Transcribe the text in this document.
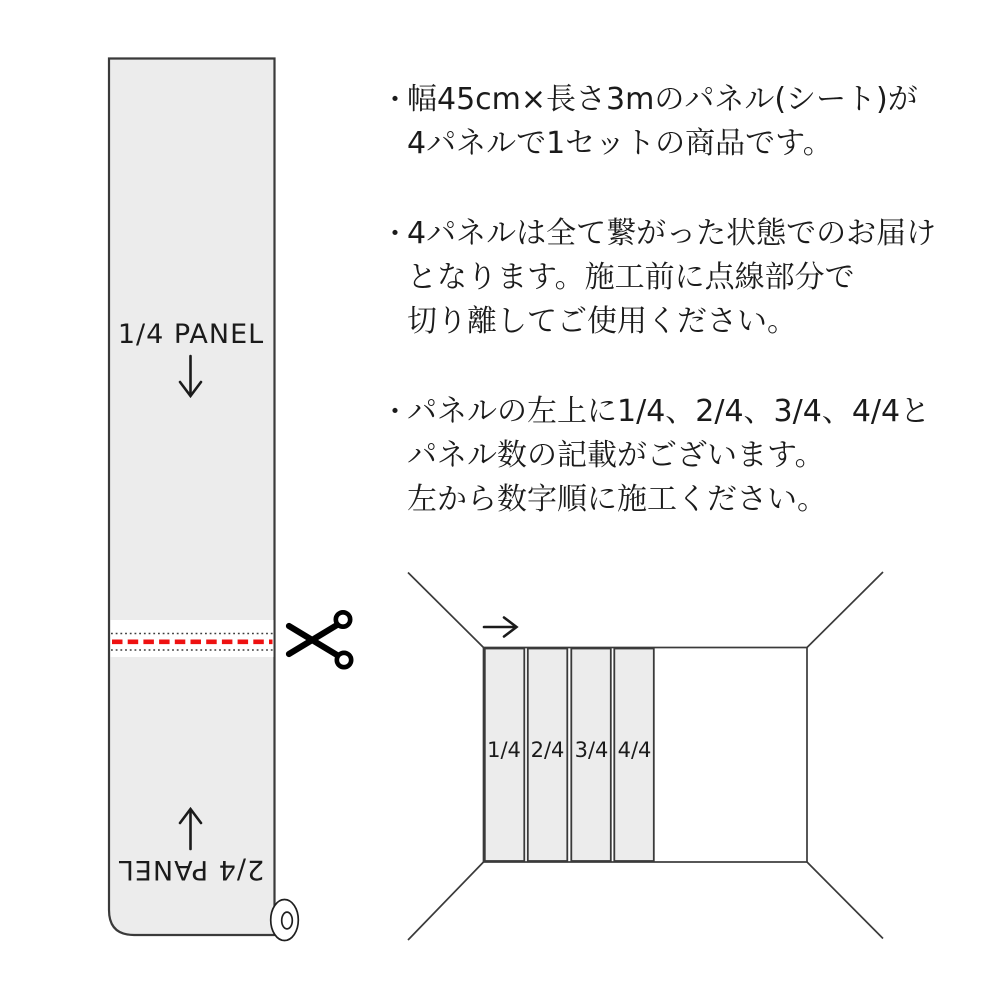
1/4 PANEL
2/4 PANEL
・
幅45cm×長さ3mのパネル(シート)が
4パネルで1セットの商品です。
・
4パネルは全て繋がった状態でのお届け
となります。施工前に点線部分で
切り離してご使用ください。
・
パネルの左上に1/4、2/4、3/4、4/4と
パネル数の記載がございます。
左から数字順に施工ください。
1/4 2/4 3/4 4/4
